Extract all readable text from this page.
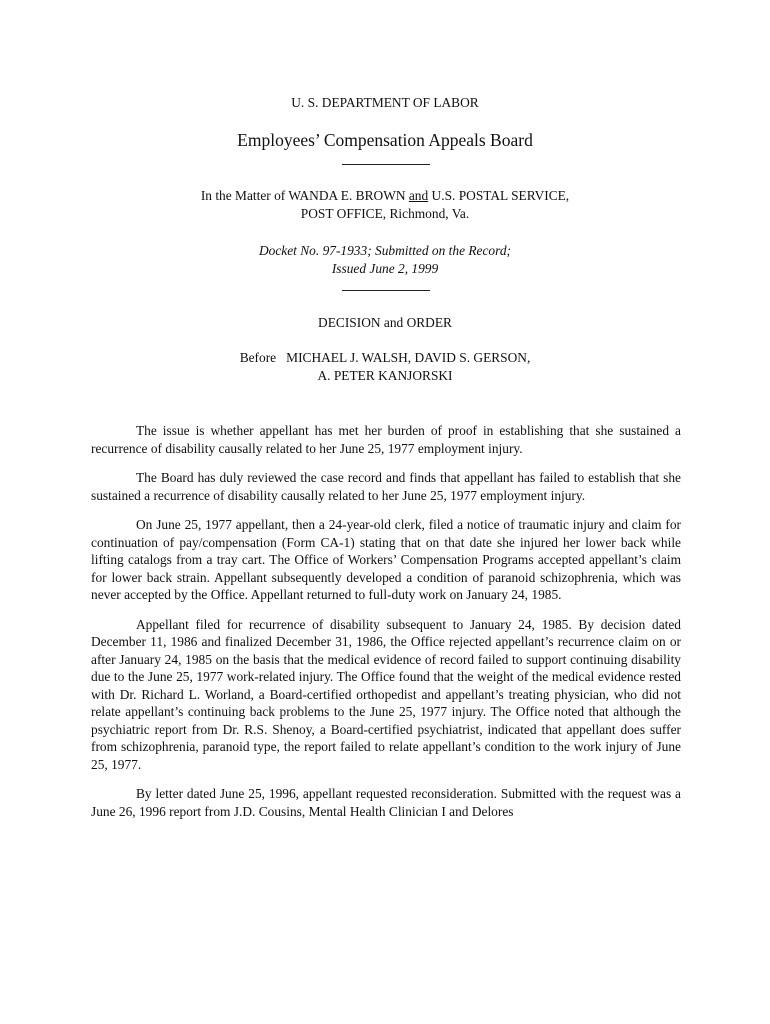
U. S. DEPARTMENT OF LABOR
Employees’ Compensation Appeals Board
In the Matter of WANDA E. BROWN and U.S. POSTAL SERVICE,
POST OFFICE, Richmond, Va.
Docket No. 97-1933; Submitted on the Record;
Issued June 2, 1999
DECISION and ORDER
Before   MICHAEL J. WALSH, DAVID S. GERSON,
A. PETER KANJORSKI

The issue is whether appellant has met her burden of proof in establishing that she sustained a recurrence of disability causally related to her June 25, 1977 employment injury.

The Board has duly reviewed the case record and finds that appellant has failed to establish that she sustained a recurrence of disability causally related to her June 25, 1977 employment injury.

On June 25, 1977 appellant, then a 24-year-old clerk, filed a notice of traumatic injury and claim for continuation of pay/compensation (Form CA-1) stating that on that date she injured her lower back while lifting catalogs from a tray cart. The Office of Workers’ Compensation Programs accepted appellant’s claim for lower back strain. Appellant subsequently developed a condition of paranoid schizophrenia, which was never accepted by the Office. Appellant returned to full-duty work on January 24, 1985.

Appellant filed for recurrence of disability subsequent to January 24, 1985. By decision dated December 11, 1986 and finalized December 31, 1986, the Office rejected appellant’s recurrence claim on or after January 24, 1985 on the basis that the medical evidence of record failed to support continuing disability due to the June 25, 1977 work-related injury. The Office found that the weight of the medical evidence rested with Dr. Richard L. Worland, a Board-certified orthopedist and appellant’s treating physician, who did not relate appellant’s continuing back problems to the June 25, 1977 injury. The Office noted that although the psychiatric report from Dr. R.S. Shenoy, a Board-certified psychiatrist, indicated that appellant does suffer from schizophrenia, paranoid type, the report failed to relate appellant’s condition to the work injury of June 25, 1977.

By letter dated June 25, 1996, appellant requested reconsideration. Submitted with the request was a June 26, 1996 report from J.D. Cousins, Mental Health Clinician I and Delores
